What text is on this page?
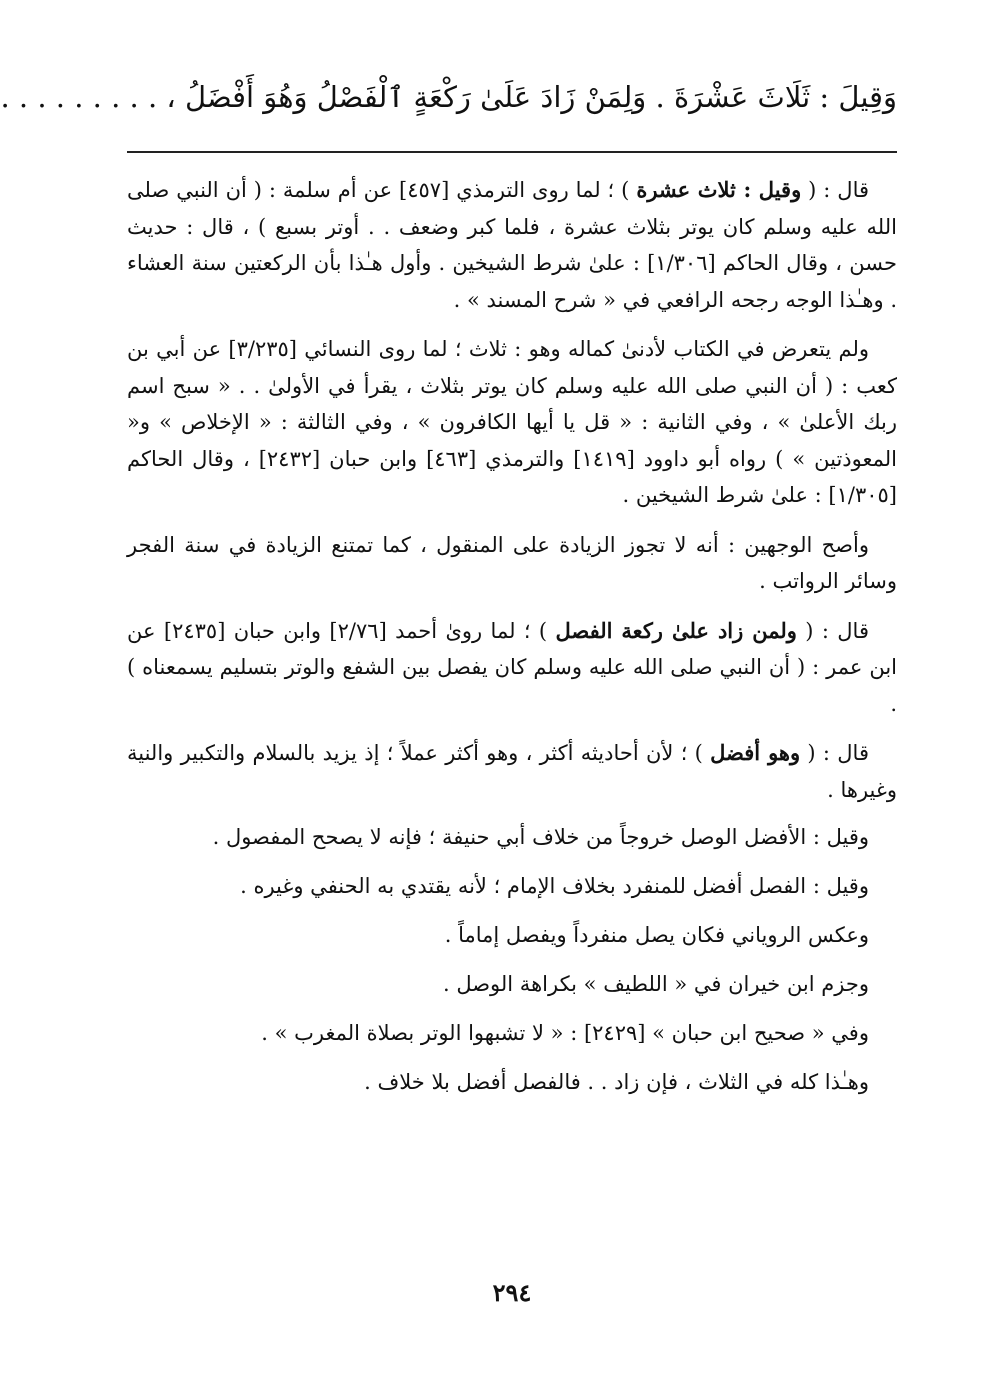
وَقِيلَ : ثَلَاثَ عَشْرَةَ . وَلِمَنْ زَادَ عَلَىٰ رَكْعَةٍ ٱلْفَصْلُ وَهُوَ أَفْضَلُ ، . . . . . . . . .

قال : ( وقيل : ثلاث عشرة ) ؛ لما روى الترمذي [٤٥٧] عن أم سلمة : ( أن النبي صلى الله عليه وسلم كان يوتر بثلاث عشرة ، فلما كبر وضعف . . أوتر بسبع ) ، قال : حديث حسن ، وقال الحاكم [١/٣٠٦] : علىٰ شرط الشيخين . وأول هـٰذا بأن الركعتين سنة العشاء . وهـٰذا الوجه رجحه الرافعي في « شرح المسند » .

ولم يتعرض في الكتاب لأدنىٰ كماله وهو : ثلاث ؛ لما روى النسائي [٣/٢٣٥] عن أبي بن كعب : ( أن النبي صلى الله عليه وسلم كان يوتر بثلاث ، يقرأ في الأولىٰ . . « سبح اسم ربك الأعلىٰ » ، وفي الثانية : « قل يا أيها الكافرون » ، وفي الثالثة : « الإخلاص » و« المعوذتين » ) رواه أبو داوود [١٤١٩] والترمذي [٤٦٣] وابن حبان [٢٤٣٢] ، وقال الحاكم [١/٣٠٥] : علىٰ شرط الشيخين .

وأصح الوجهين : أنه لا تجوز الزيادة على المنقول ، كما تمتنع الزيادة في سنة الفجر وسائر الرواتب .

قال : ( ولمن زاد علىٰ ركعة الفصل ) ؛ لما روىٰ أحمد [٢/٧٦] وابن حبان [٢٤٣٥] عن ابن عمر : ( أن النبي صلى الله عليه وسلم كان يفصل بين الشفع والوتر بتسليم يسمعناه ) .

قال : ( وهو أفضل ) ؛ لأن أحاديثه أكثر ، وهو أكثر عملاً ؛ إذ يزيد بالسلام والتكبير والنية وغيرها .

وقيل : الأفضل الوصل خروجاً من خلاف أبي حنيفة ؛ فإنه لا يصحح المفصول .

وقيل : الفصل أفضل للمنفرد بخلاف الإمام ؛ لأنه يقتدي به الحنفي وغيره .

وعكس الروياني فكان يصل منفرداً ويفصل إماماً .

وجزم ابن خيران في « اللطيف » بكراهة الوصل .

وفي « صحيح ابن حبان » [٢٤٢٩] : « لا تشبهوا الوتر بصلاة المغرب » .

وهـٰذا كله في الثلاث ، فإن زاد . . فالفصل أفضل بلا خلاف .

٢٩٤
